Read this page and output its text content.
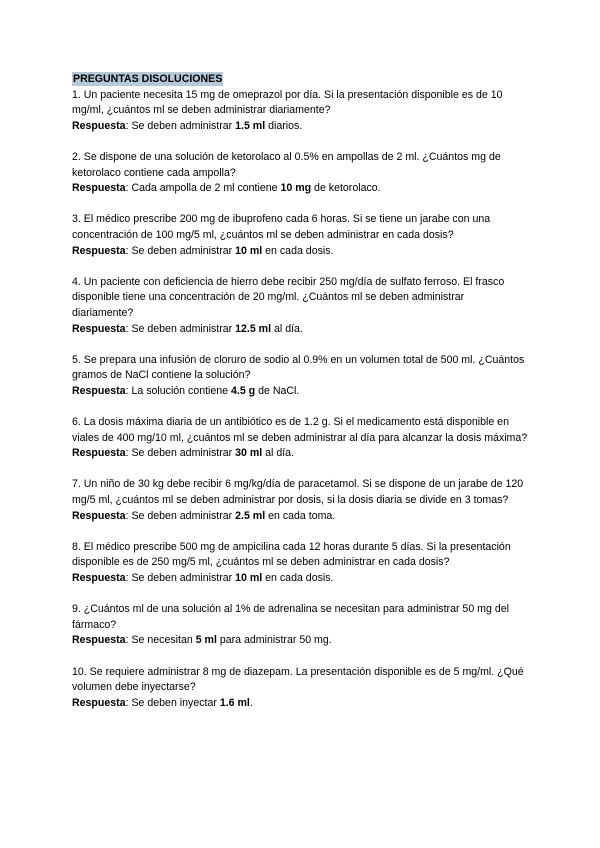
PREGUNTAS DISOLUCIONES
1. Un paciente necesita 15 mg de omeprazol por día. Si la presentación disponible es de 10 mg/ml, ¿cuántos ml se deben administrar diariamente?
Respuesta: Se deben administrar 1.5 ml diarios.
2. Se dispone de una solución de ketorolaco al 0.5% en ampollas de 2 ml. ¿Cuántos mg de ketorolaco contiene cada ampolla?
Respuesta: Cada ampolla de 2 ml contiene 10 mg de ketorolaco.
3. El médico prescribe 200 mg de ibuprofeno cada 6 horas. Si se tiene un jarabe con una concentración de 100 mg/5 ml, ¿cuántos ml se deben administrar en cada dosis?
Respuesta: Se deben administrar 10 ml en cada dosis.
4. Un paciente con deficiencia de hierro debe recibir 250 mg/día de sulfato ferroso. El frasco disponible tiene una concentración de 20 mg/ml. ¿Cuántos ml se deben administrar diariamente?
Respuesta: Se deben administrar 12.5 ml al día.
5. Se prepara una infusión de cloruro de sodio al 0.9% en un volumen total de 500 ml. ¿Cuántos gramos de NaCl contiene la solución?
Respuesta: La solución contiene 4.5 g de NaCl.
6. La dosis máxima diaria de un antibiótico es de 1.2 g. Si el medicamento está disponible en viales de 400 mg/10 ml, ¿cuántos ml se deben administrar al día para alcanzar la dosis máxima?
Respuesta: Se deben administrar 30 ml al día.
7. Un niño de 30 kg debe recibir 6 mg/kg/día de paracetamol. Si se dispone de un jarabe de 120 mg/5 ml, ¿cuántos ml se deben administrar por dosis, si la dosis diaria se divide en 3 tomas?
Respuesta: Se deben administrar 2.5 ml en cada toma.
8. El médico prescribe 500 mg de ampicilina cada 12 horas durante 5 días. Si la presentación disponible es de 250 mg/5 ml, ¿cuántos ml se deben administrar en cada dosis?
Respuesta: Se deben administrar 10 ml en cada dosis.
9. ¿Cuántos ml de una solución al 1% de adrenalina se necesitan para administrar 50 mg del fármaco?
Respuesta: Se necesitan 5 ml para administrar 50 mg.
10. Se requiere administrar 8 mg de diazepam. La presentación disponible es de 5 mg/ml. ¿Qué volumen debe inyectarse?
Respuesta: Se deben inyectar 1.6 ml.
